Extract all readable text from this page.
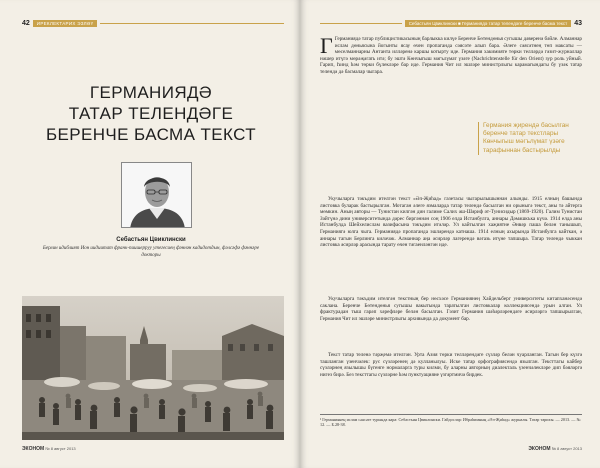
42	ИРЕКЛЕКТАРИХ ЭЗЛӘҮ
ГЕРМАНИЯДӘ
ТАТАР ТЕЛЕНДӘГЕ
БЕРЕНЧЕ БАСМА ТЕКСТ
Себастьян Цвиклински
Берлин идиблият Ион иидиитат франк-пиишерруу утегесиең фәннән кадидотдын, фәлсәфә фәннәре докторы
ЭКОНОМ № 8 август 2013
Себастьян Цвиклински ■ Германиядә татар телендәге беренче басма текст	43

Г Германиядә татар публицистикасының барлыкка килүе Беренче Бөтендөнья сугышы дәверенә бәйле. Алманнар ислам дөньясына йогынты ясау өчен пропаганда сәясәте алып бара. Әлеге сәясәтнең төп максаты — мөселманнарны Антанта илләренә каршы котырту иде. Германия хакимияте төрки телләрдә гәзит-журналлар нәшер итүгә мөрәҗәгать итә; бу эштә Көнчыгыш мәгълүмат үзәге (Nachrichtenstelle für den Orient) зур роль уйный. Гарип, Һинд һәм төрки бүлекләре бар иде. Германия Чит ил эшләре министрлыгы карамагындагы бу үзәк татар телендә дә басмалар чыгара.

Германия җирендә басылган беренче татар текстлары Көнчыгыш мәгълүмат үзәге тарафыннан бастырылды

Укучыларга тәкъдим ителгән текст «Әл-Җиһад» газетасы чыгарылышыннан алынды. 1915 елның башында листовка буларак бастырылган. Мотаган әлеге язмаларда татар телендә басылган ни орыныгә текст, аны тә айтерга мөмкин. Аның авторы — Тунистан килгән дин галиме Салих әш-Шәриф әт-Тунисидыр (1869-1920). Галим Тунистан Зәйтүнә дини университетында дәрес биргәннән соң 1906 елда Истанбулга, аннары Дәмәшкъка күчә. 1914 елда аны Истанбулда Шейхелислам вазифасына тәкъдим итәләр. Ул кайтылган хаҗиятне Әнвәр паша белән танышып, Германиягә юлга чыга. Германиядә пропаганда эшләрендә катнаша. 1914 елның ахырында Истанбулга кайткан, ә аннары тагын Берлинга киләчәк. Алманнар аңа әсирләр лагерендә вәгазь итүне тапшыра. Татар телендә чыккан листовка әсирләр арасында тарату өчен тәгаенләнгән иде.

Укучыларга тәкъдим ителгән текстның бер нөсхәсе Германиянең Хайдельберг университеты китапханәсендә саклана. Беренче Бөтендөнья сугышы вакытында таратылган листовкалар коллекциясендә урын алган. Ул фрактурадан тыш гарәп хәрефләре белән басылган. Гәзит Германия шәһәрләрендәге әсирләргә тапшырылган, Германия Чит ил эшләре министрлыгы архивында да документ бар.

Текст татар теленә тәрҗемә ителгән. Урта Азия төрки телләрендәге сүзләр белән чуарланган. Тагын бер күзгә ташланган үзенчәлек: рус сүзләренең дә кулланылуы. Иске татар орфографиясендә язылган. Тексттагы кайбер сүзләрнең язылышы бүгенге нормаларга туры килми, бу аларны авторның диалекталь үзенчәлекләре дип бәяләргә нигез бирә. Без тексттагы сүзләрне һәм пунктуацияне үзгәртмичә бирдек.

¹ Германиянең ислам сәясәте турында кара: Себастьян Цвиклински. Гайдослар: Ибраһимның «Әл-Җиһад» журналы. Татар тарихы. — 2013. — № 12. — Б.28-38.
ЭКОНОМ № 8 август 2013
